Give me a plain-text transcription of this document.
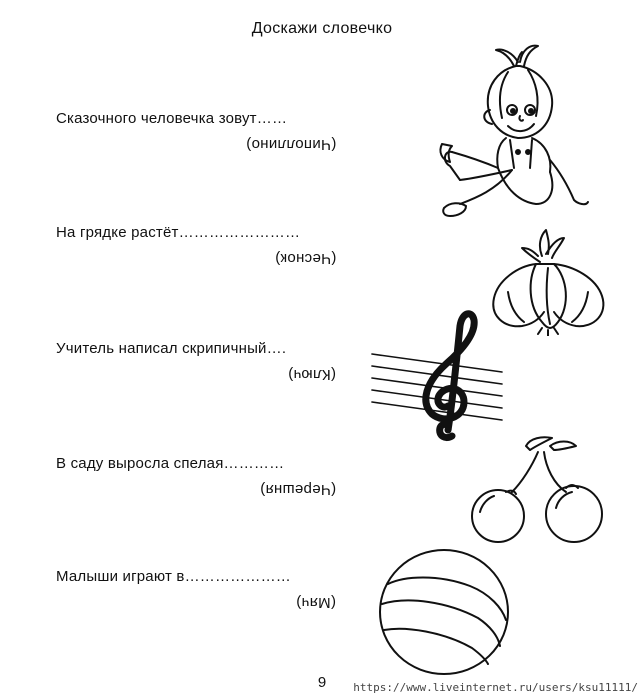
Доскажи словечко
Сказочного человечка зовут……
(Чиполлино)
На грядке растёт……………………
(Чеснок)
Учитель написал скрипичный….
(Ключ)
В саду выросла спелая…………
(Черешня)
Малыши играют в…………………
(Мяч)
9	https://www.liveinternet.ru/users/ksu11111/
